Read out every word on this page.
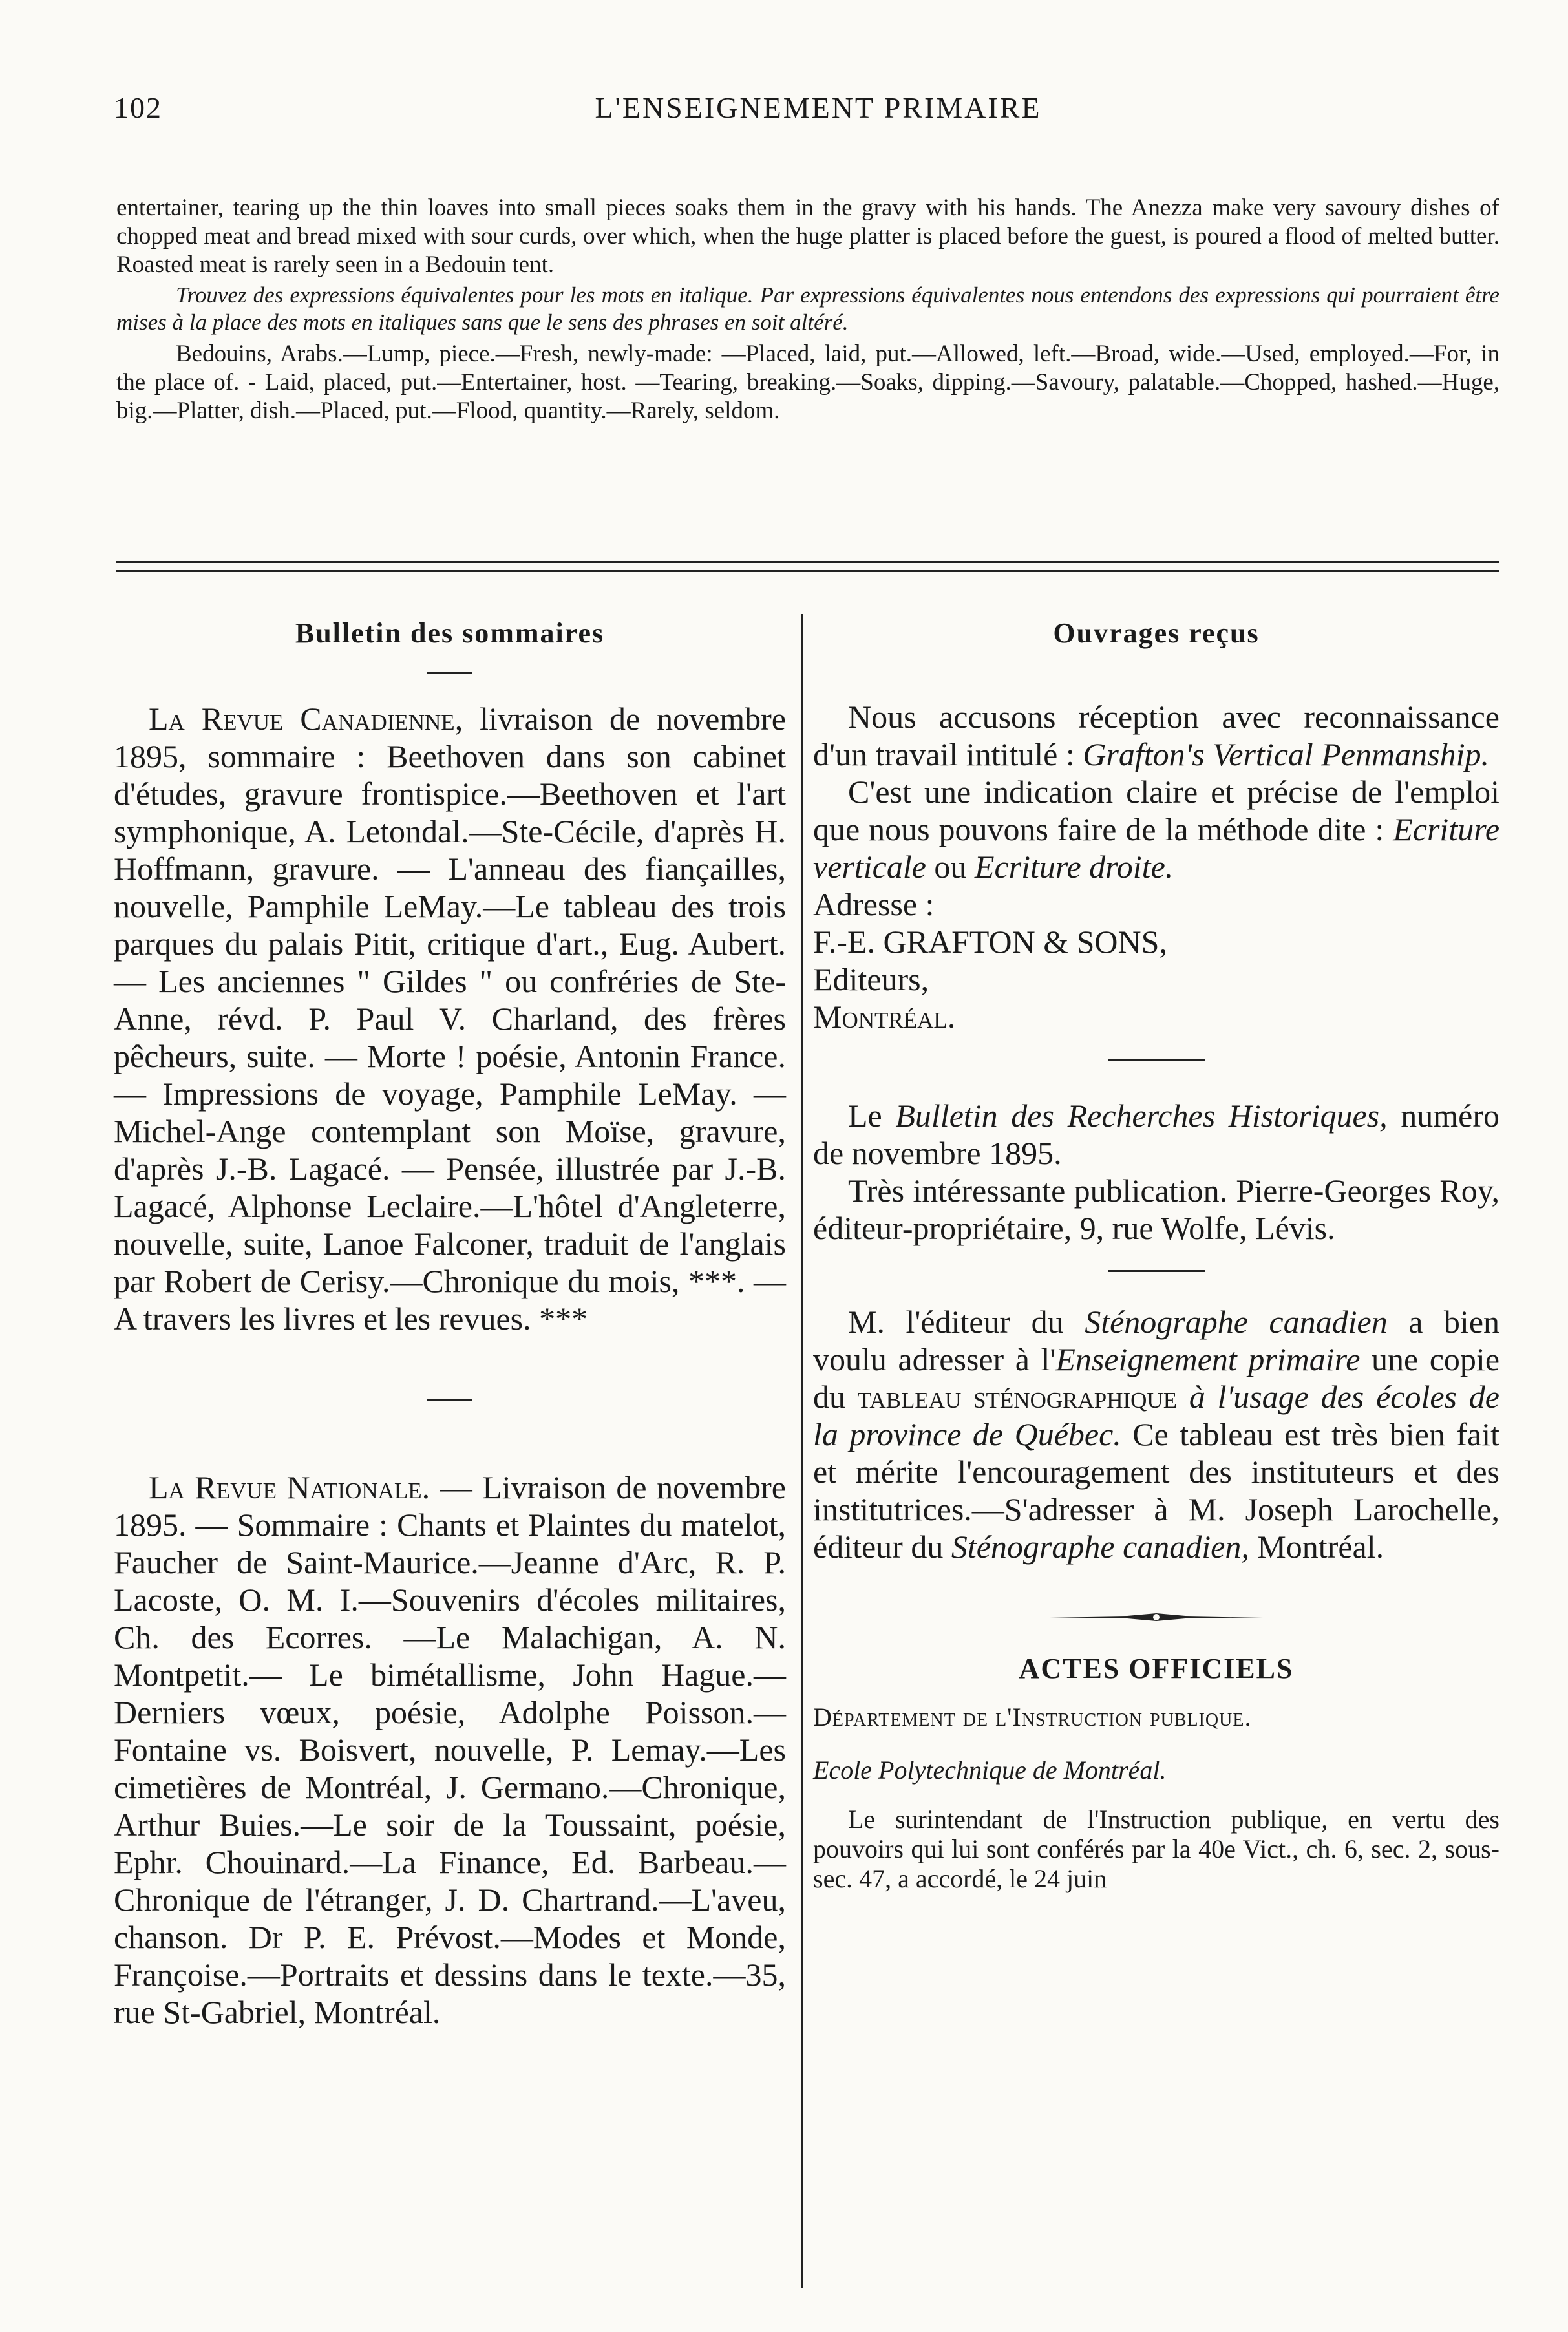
102	L'ENSEIGNEMENT PRIMAIRE

entertainer, tearing up the thin loaves into small pieces soaks them in the gravy with his hands. The Anezza make very savoury dishes of chopped meat and bread mixed with sour curds, over which, when the huge platter is placed before the guest, is poured a flood of melted butter. Roasted meat is rarely seen in a Bedouin tent.

Trouvez des expressions équivalentes pour les mots en italique. Par expressions équivalentes nous entendons des expressions qui pourraient être mises à la place des mots en italiques sans que le sens des phrases en soit altéré.

Bedouins, Arabs.—Lump, piece.—Fresh, newly-made: —Placed, laid, put.—Allowed, left.—Broad, wide.—Used, employed.—For, in the place of. - Laid, placed, put.—Entertainer, host. —Tearing, breaking.—Soaks, dipping.—Savoury, palatable.—Chopped, hashed.—Huge, big.—Platter, dish.—Placed, put.—Flood, quantity.—Rarely, seldom.

Bulletin des sommaires

La Revue Canadienne, livraison de novembre 1895, sommaire : Beethoven dans son cabinet d'études, gravure frontispice.—Beethoven et l'art symphonique, A. Letondal.—Ste-Cécile, d'après H. Hoffmann, gravure. — L'anneau des fiançailles, nouvelle, Pamphile LeMay.—Le tableau des trois parques du palais Pitit, critique d'art., Eug. Aubert. — Les anciennes " Gildes " ou confréries de Ste-Anne, révd. P. Paul V. Charland, des frères pêcheurs, suite. — Morte ! poésie, Antonin France. — Impressions de voyage, Pamphile LeMay. — Michel-Ange contemplant son Moïse, gravure, d'après J.-B. Lagacé. — Pensée, illustrée par J.-B. Lagacé, Alphonse Leclaire.—L'hôtel d'Angleterre, nouvelle, suite, Lanoe Falconer, traduit de l'anglais par Robert de Cerisy.—Chronique du mois, ***. — A travers les livres et les revues. ***

La Revue Nationale. — Livraison de novembre 1895. — Sommaire : Chants et Plaintes du matelot, Faucher de Saint-Maurice.—Jeanne d'Arc, R. P. Lacoste, O. M. I.—Souvenirs d'écoles militaires, Ch. des Ecorres. —Le Malachigan, A. N. Montpetit.— Le bimétallisme, John Hague.—Derniers vœux, poésie, Adolphe Poisson.—Fontaine vs. Boisvert, nouvelle, P. Lemay.—Les cimetières de Montréal, J. Germano.—Chronique, Arthur Buies.—Le soir de la Toussaint, poésie, Ephr. Chouinard.—La Finance, Ed. Barbeau.—Chronique de l'étranger, J. D. Chartrand.—L'aveu, chanson. Dr P. E. Prévost.—Modes et Monde, Françoise.—Portraits et dessins dans le texte.—35, rue St-Gabriel, Montréal.

Ouvrages reçus

Nous accusons réception avec reconnaissance d'un travail intitulé : Grafton's Vertical Penmanship.

C'est une indication claire et précise de l'emploi que nous pouvons faire de la méthode dite : Ecriture verticale ou Ecriture droite.

Adresse :

F.-E. GRAFTON & SONS,

Editeurs,

Montréal.

Le Bulletin des Recherches Historiques, numéro de novembre 1895.

Très intéressante publication. Pierre-Georges Roy, éditeur-propriétaire, 9, rue Wolfe, Lévis.

M. l'éditeur du Sténographe canadien a bien voulu adresser à l'Enseignement primaire une copie du tableau sténographique à l'usage des écoles de la province de Québec. Ce tableau est très bien fait et mérite l'encouragement des instituteurs et des institutrices.—S'adresser à M. Joseph Larochelle, éditeur du Sténographe canadien, Montréal.

ACTES OFFICIELS

Département de l'Instruction publique.

Ecole Polytechnique de Montréal.

Le surintendant de l'Instruction publique, en vertu des pouvoirs qui lui sont conférés par la 40e Vict., ch. 6, sec. 2, sous-sec. 47, a accordé, le 24 juin
